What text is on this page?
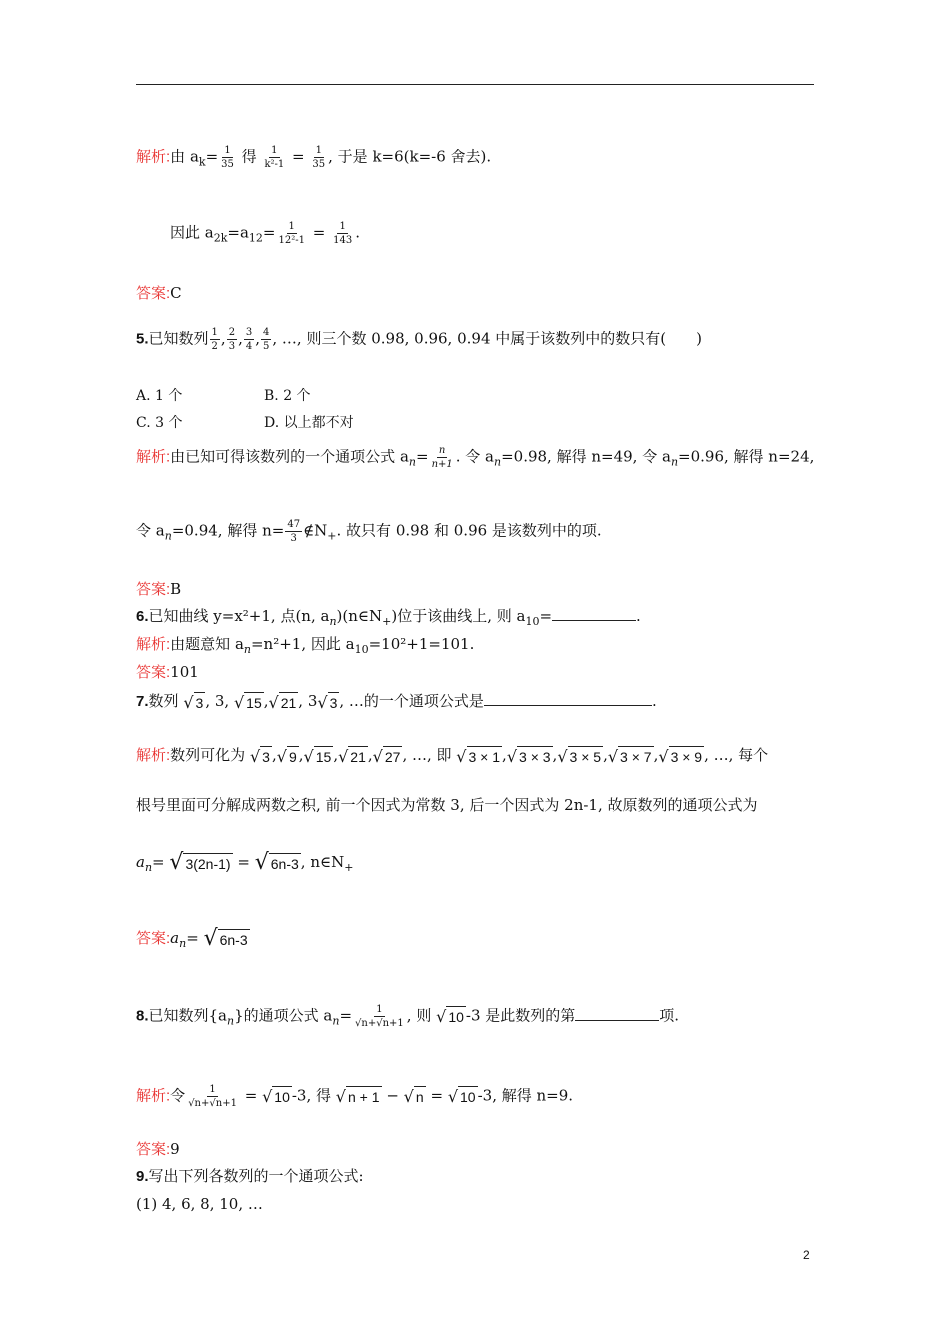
解析:由 $a_k= \frac{1}{35}$ 得 $\frac{1}{\text{k²-1}} = \frac{1}{35}$ , 于是 k=6(k=-6 舍去).
因此 $a_{2k}=a_{12}= \frac{1}{\text{12²-1}} = \frac{1}{143}$ .
答案:C
5.已知数列 $\frac{1}{2}$ , $\frac{2}{3}$ , $\frac{3}{4}$ , $\frac{4}{5}$ , …, 则三个数 0.98, 0.96, 0.94 中属于该数列中的数只有(　　)
A. 1 个	B. 2 个
C. 3 个	D. 以上都不对
解析:由已知可得该数列的一个通项公式 $a_n= \frac{n}{n+1}$ . 令 $a_n=0.98$, 解得 n=49, 令 $a_n=0.96$, 解得 n=24,
令 $a_n=0.94$, 解得 $n= \frac{47}{3}$ $\notin N_+$. 故只有 0.98 和 0.96 是该数列中的项.
答案:B
6.已知曲线 y=x²+1, 点(n, $a_n)(n\in N_+)$位于该曲线上, 则 $a_{10}=$	.
解析:由题意知 $a_n=n^2+1$, 因此 $a_{10}=10^2+1=101$.
答案:101
7.数列 √ 3 , 3, √ 15 ,√ 21 , 3√ 3 , …的一个通项公式是	.
解析:数列可化为 √ 3 ,√ 9 ,√ 15 ,√ 21 ,√ 27 , …, 即 √ 3 × 1 ,√ 3 × 3 ,√ 3 × 5 ,√ 3 × 7 ,√ 3 × 9 , …, 每个
根号里面可分解成两数之积, 前一个因式为常数 3, 后一个因式为 2n-1, 故原数列的通项公式为
$a_n=$ √ 3(2n-1) = √ 6n-3 , $n\in N_+$
答案$:a_n=$ √ 6n-3
8.已知数列$\{a_n\}$的通项公式 $a_n= \frac{1}{√n+√n+1}$ , 则 √ 10 -3 是此数列的第	项.
解析:令 $\frac{1}{√n+√n+1}$ = √ 10 -3, 得 √ n + 1 − √ n = √ 10 -3, 解得 n=9.
答案:9
9.写出下列各数列的一个通项公式:
(1) 4, 6, 8, 10, …
2
